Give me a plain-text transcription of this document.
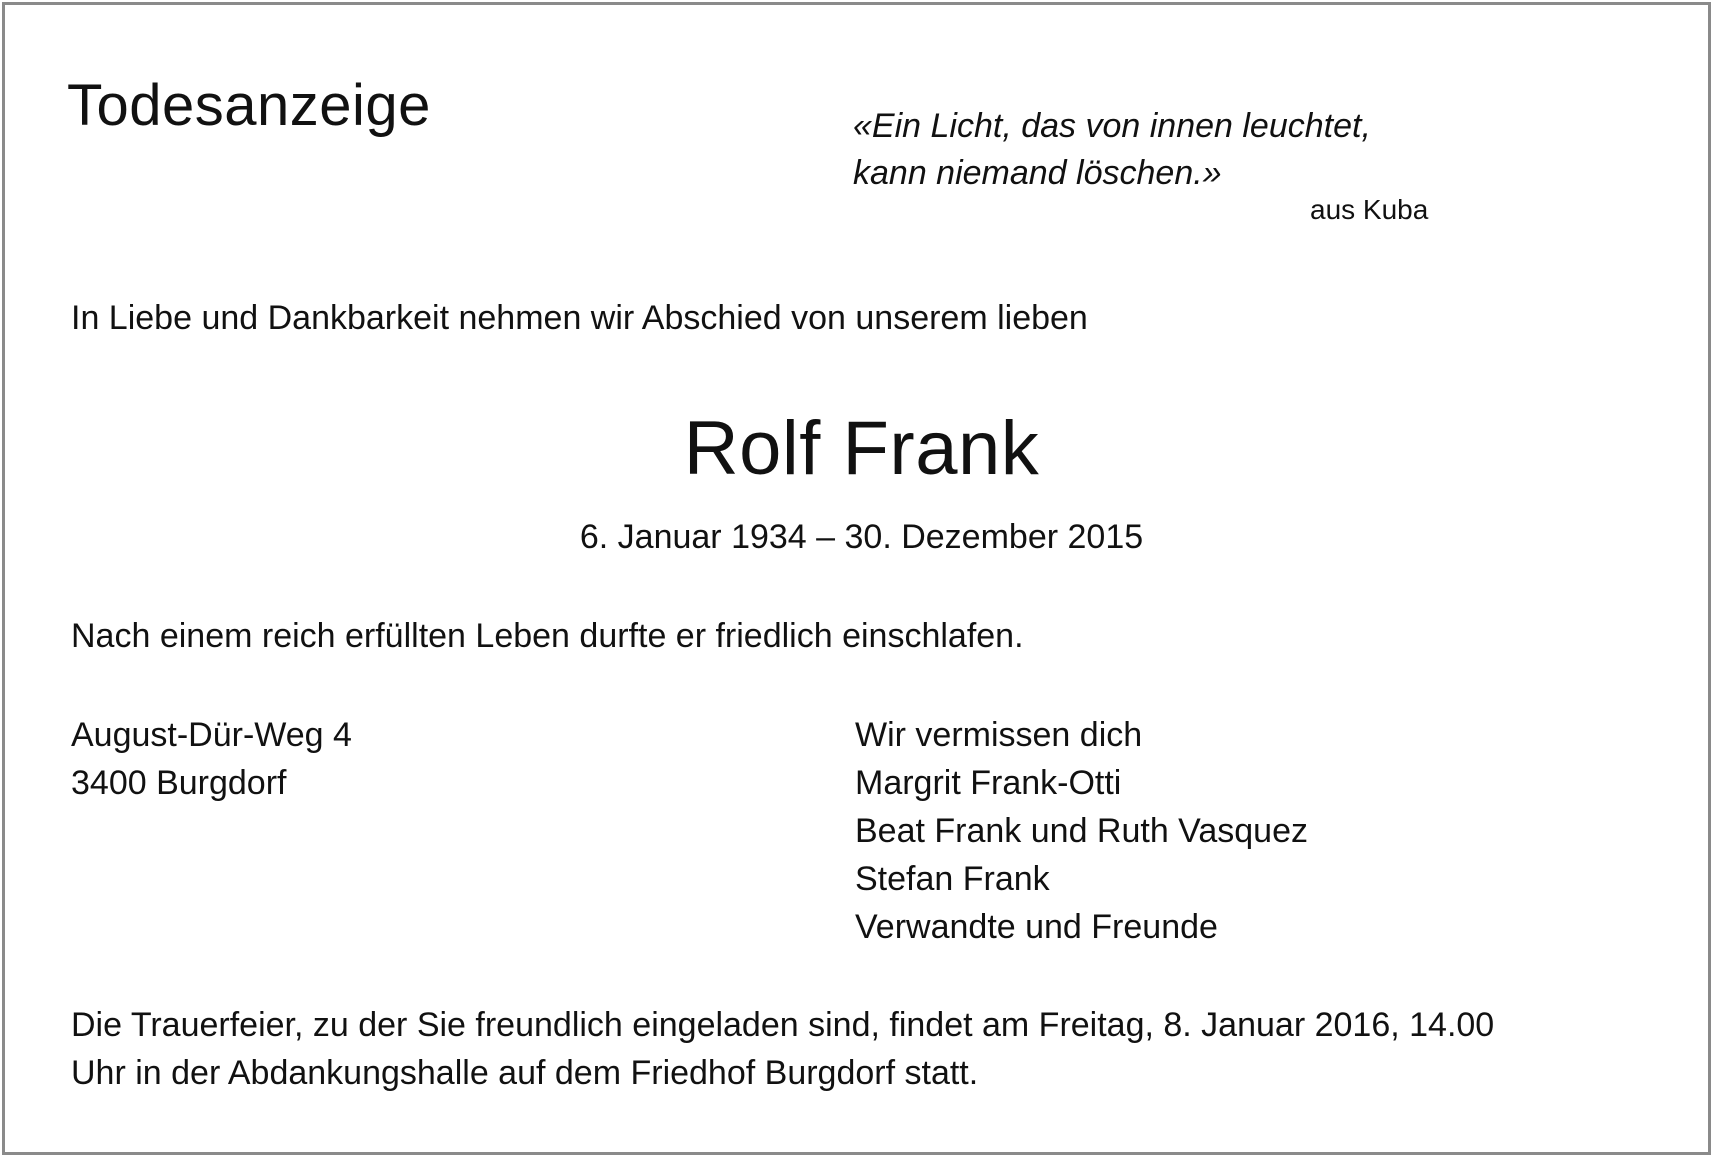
Todesanzeige	«Ein Licht, das von innen leuchtet,
kann niemand löschen.»
aus Kuba
In Liebe und Dankbarkeit nehmen wir Abschied von unserem lieben
Rolf Frank
6. Januar 1934 – 30. Dezember 2015
Nach einem reich erfüllten Leben durfte er friedlich einschlafen.
August-Dür-Weg 4
3400 Burgdorf
Wir vermissen dich
Margrit Frank-Otti
Beat Frank und Ruth Vasquez
Stefan Frank
Verwandte und Freunde
Die Trauerfeier, zu der Sie freundlich eingeladen sind, findet am Freitag, 8. Januar 2016, 14.00
Uhr in der Abdankungshalle auf dem Friedhof Burgdorf statt.
